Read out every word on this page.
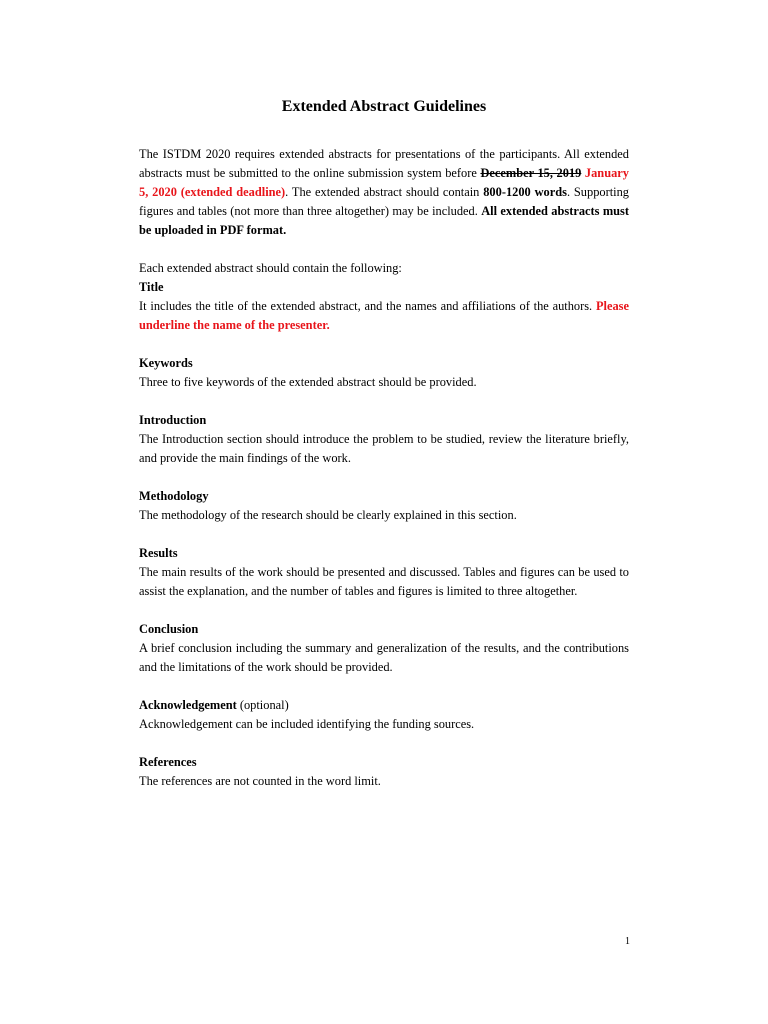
Extended Abstract Guidelines

The ISTDM 2020 requires extended abstracts for presentations of the participants. All extended abstracts must be submitted to the online submission system before December 15, 2019 January 5, 2020 (extended deadline). The extended abstract should contain 800-1200 words. Supporting figures and tables (not more than three altogether) may be included. All extended abstracts must be uploaded in PDF format.

Each extended abstract should contain the following:

Title

It includes the title of the extended abstract, and the names and affiliations of the authors. Please underline the name of the presenter.

Keywords

Three to five keywords of the extended abstract should be provided.

Introduction

The Introduction section should introduce the problem to be studied, review the literature briefly, and provide the main findings of the work.

Methodology

The methodology of the research should be clearly explained in this section.

Results

The main results of the work should be presented and discussed. Tables and figures can be used to assist the explanation, and the number of tables and figures is limited to three altogether.

Conclusion

A brief conclusion including the summary and generalization of the results, and the contributions and the limitations of the work should be provided.

Acknowledgement (optional)

Acknowledgement can be included identifying the funding sources.

References

The references are not counted in the word limit.

1
